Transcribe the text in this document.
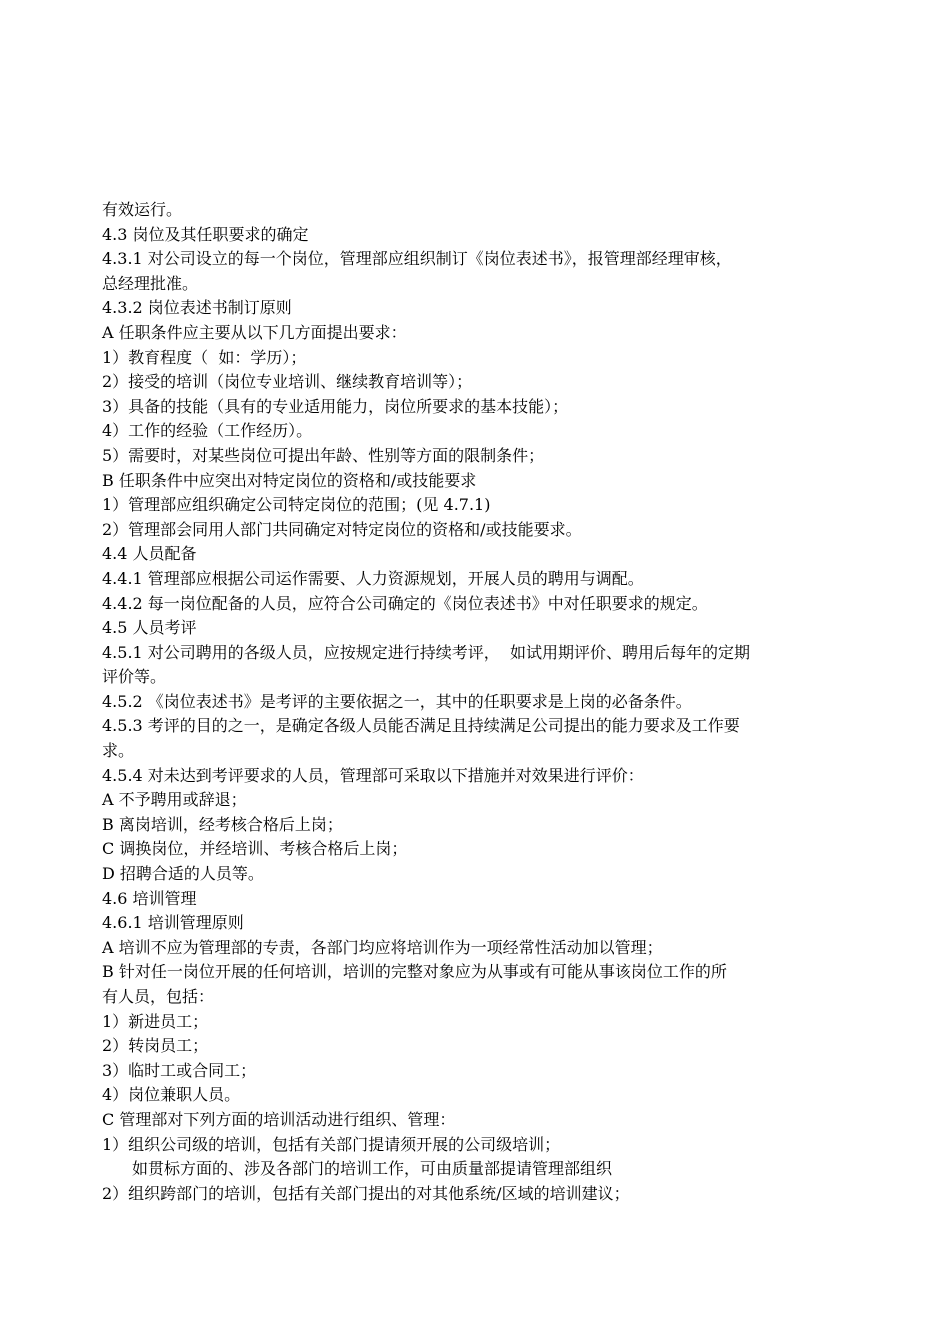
有效运行。
4.3 岗位及其任职要求的确定
4.3.1 对公司设立的每一个岗位，管理部应组织制订《岗位表述书》，报管理部经理审核，
总经理批准。
4.3.2 岗位表述书制订原则
A 任职条件应主要从以下几方面提出要求：
1）教育程度（  如：学历）；
2）接受的培训（岗位专业培训、继续教育培训等）；
3）具备的技能（具有的专业适用能力，岗位所要求的基本技能）；
4）工作的经验（工作经历）。
5）需要时，对某些岗位可提出年龄、性别等方面的限制条件；
B 任职条件中应突出对特定岗位的资格和/或技能要求
1）管理部应组织确定公司特定岗位的范围；(见 4.7.1)
2）管理部会同用人部门共同确定对特定岗位的资格和/或技能要求。
4.4 人员配备
4.4.1 管理部应根据公司运作需要、人力资源规划，开展人员的聘用与调配。
4.4.2 每一岗位配备的人员，应符合公司确定的《岗位表述书》中对任职要求的规定。
4.5 人员考评
4.5.1 对公司聘用的各级人员，应按规定进行持续考评，  如试用期评价、聘用后每年的定期
评价等。
4.5.2 《岗位表述书》是考评的主要依据之一，其中的任职要求是上岗的必备条件。
4.5.3 考评的目的之一，是确定各级人员能否满足且持续满足公司提出的能力要求及工作要
求。
4.5.4 对未达到考评要求的人员，管理部可采取以下措施并对效果进行评价：
A 不予聘用或辞退；
B 离岗培训，经考核合格后上岗；
C 调换岗位，并经培训、考核合格后上岗；
D 招聘合适的人员等。
4.6 培训管理
4.6.1 培训管理原则
A 培训不应为管理部的专责，各部门均应将培训作为一项经常性活动加以管理；
B 针对任一岗位开展的任何培训，培训的完整对象应为从事或有可能从事该岗位工作的所
有人员，包括：
1）新进员工；
2）转岗员工；
3）临时工或合同工；
4）岗位兼职人员。
C 管理部对下列方面的培训活动进行组织、管理：
1）组织公司级的培训，包括有关部门提请须开展的公司级培训；
如贯标方面的、涉及各部门的培训工作，可由质量部提请管理部组织
2）组织跨部门的培训，包括有关部门提出的对其他系统/区域的培训建议；
